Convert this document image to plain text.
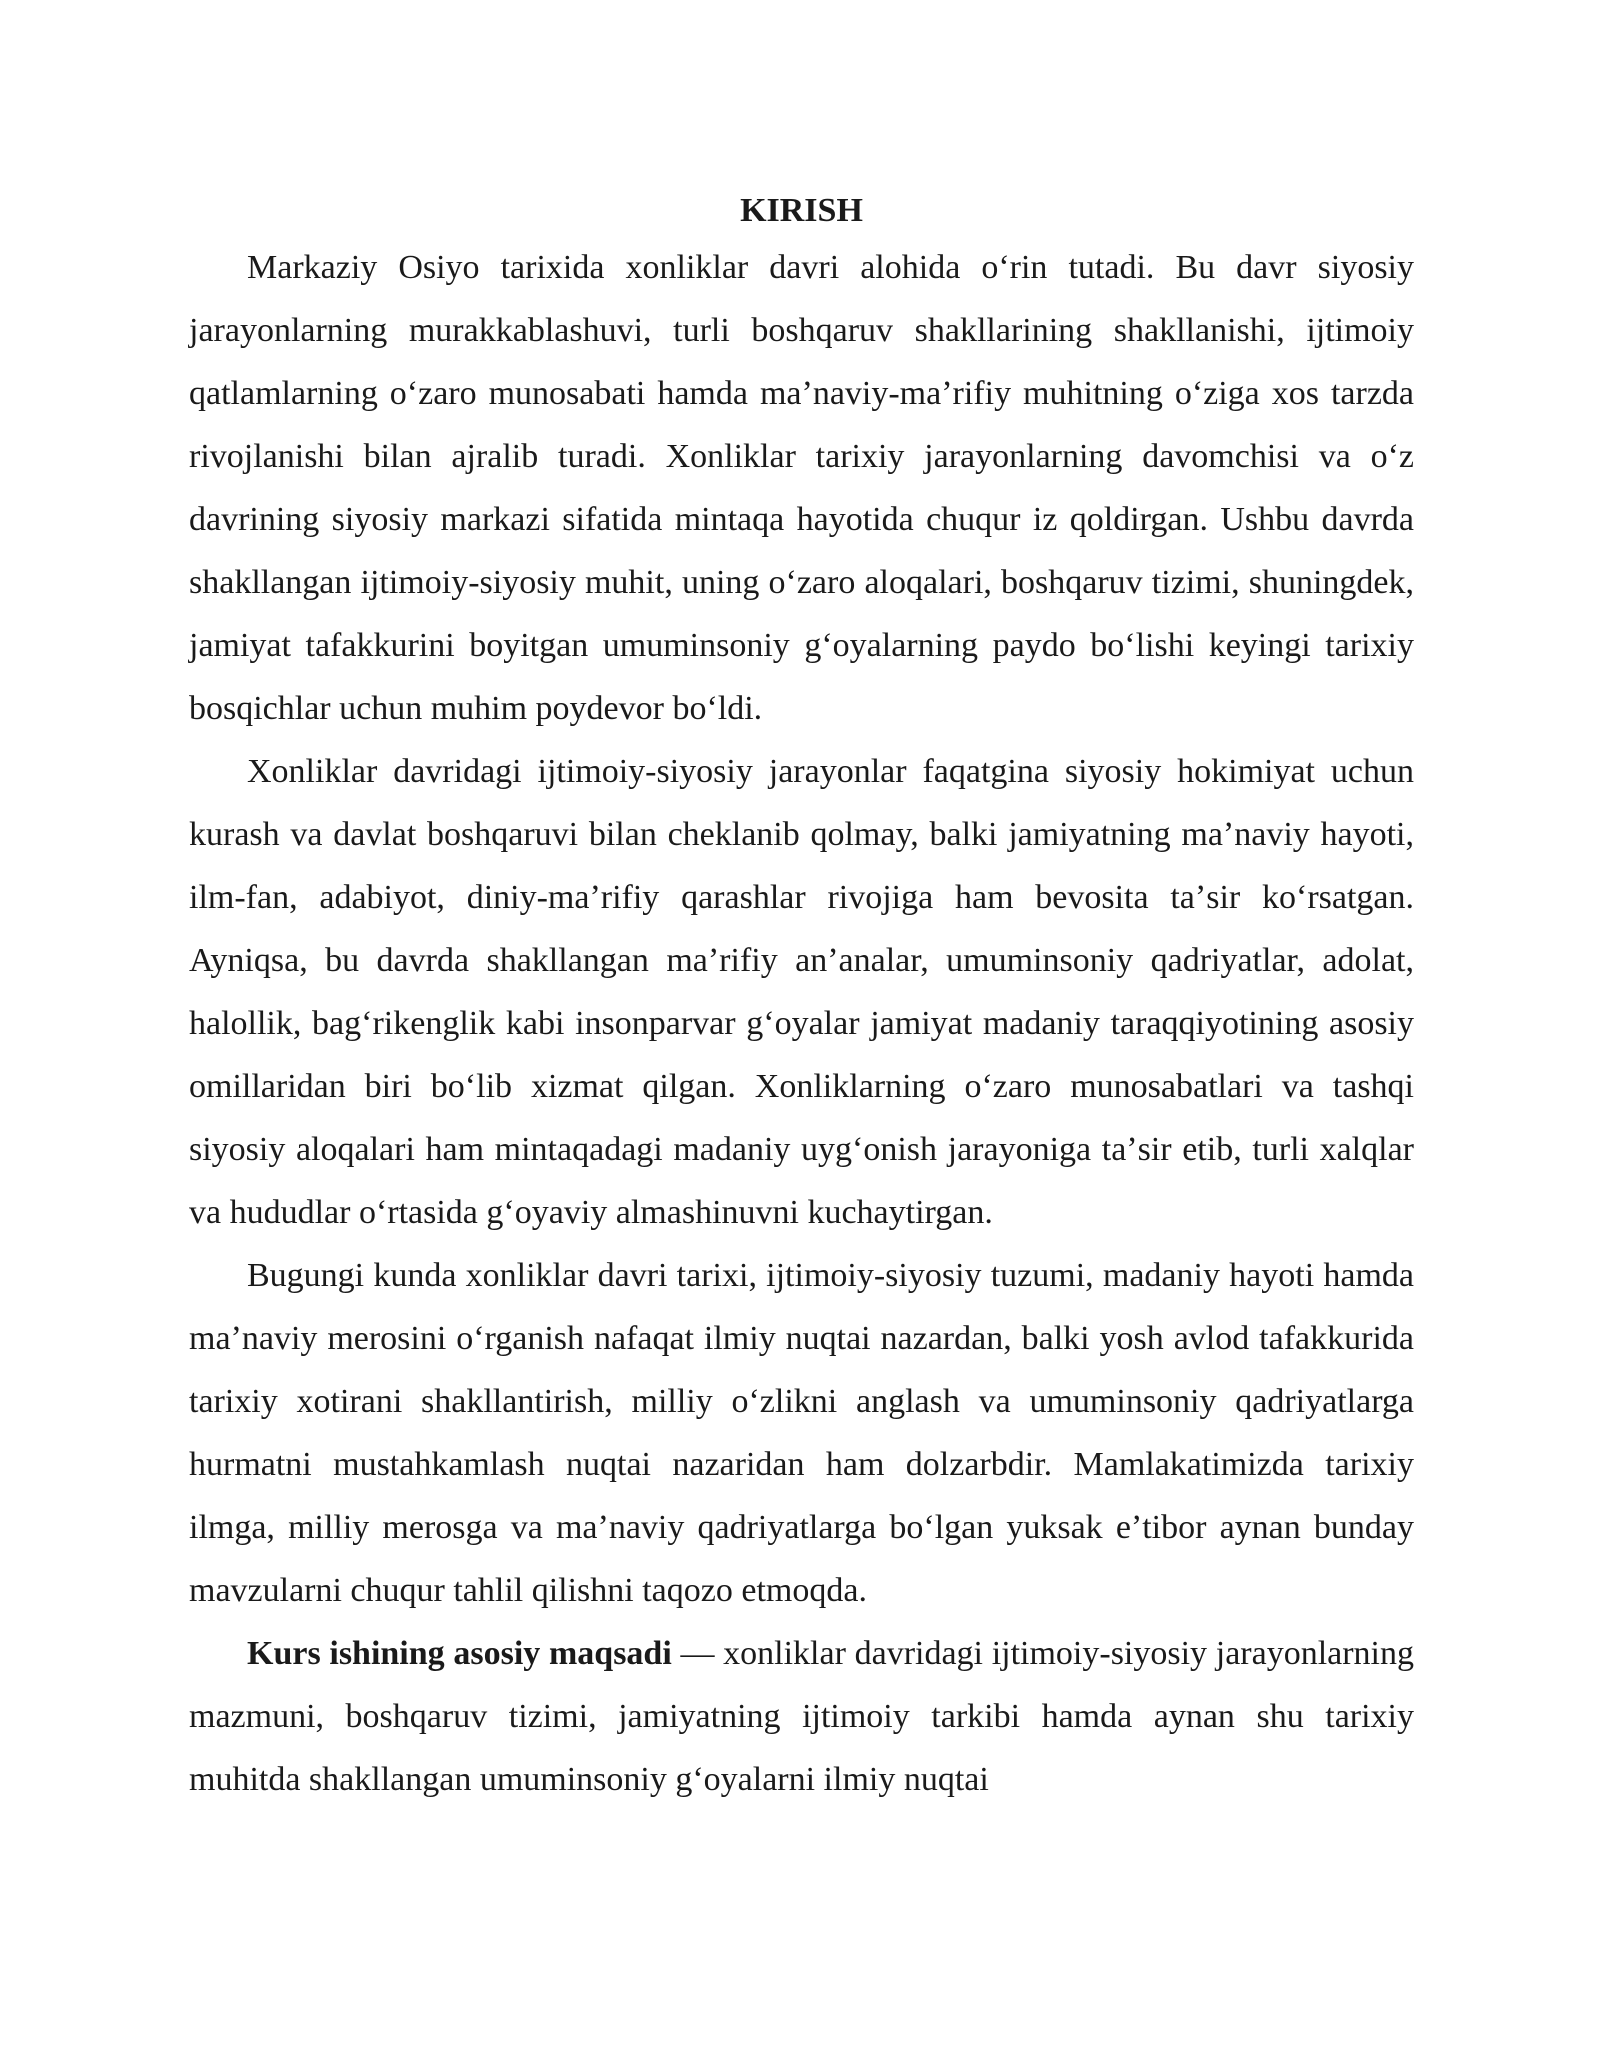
KIRISH

Markaziy Osiyo tarixida xonliklar davri alohida oʻrin tutadi. Bu davr siyosiy jarayonlarning murakkablashuvi, turli boshqaruv shakllarining shakllanishi, ijtimoiy qatlamlarning oʻzaro munosabati hamda maʼnaviy-maʼrifiy muhitning oʻziga xos tarzda rivojlanishi bilan ajralib turadi. Xonliklar tarixiy jarayonlarning davomchisi va oʻz davrining siyosiy markazi sifatida mintaqa hayotida chuqur iz qoldirgan. Ushbu davrda shakllangan ijtimoiy-siyosiy muhit, uning oʻzaro aloqalari, boshqaruv tizimi, shuningdek, jamiyat tafakkurini boyitgan umuminsoniy gʻoyalarning paydo boʻlishi keyingi tarixiy bosqichlar uchun muhim poydevor boʻldi.

Xonliklar davridagi ijtimoiy-siyosiy jarayonlar faqatgina siyosiy hokimiyat uchun kurash va davlat boshqaruvi bilan cheklanib qolmay, balki jamiyatning maʼnaviy hayoti, ilm-fan, adabiyot, diniy-maʼrifiy qarashlar rivojiga ham bevosita taʼsir koʻrsatgan. Ayniqsa, bu davrda shakllangan maʼrifiy anʼanalar, umuminsoniy qadriyatlar, adolat, halollik, bagʻrikenglik kabi insonparvar gʻoyalar jamiyat madaniy taraqqiyotining asosiy omillaridan biri boʻlib xizmat qilgan. Xonliklarning oʻzaro munosabatlari va tashqi siyosiy aloqalari ham mintaqadagi madaniy uygʻonish jarayoniga taʼsir etib, turli xalqlar va hududlar oʻrtasida gʻoyaviy almashinuvni kuchaytirgan.

Bugungi kunda xonliklar davri tarixi, ijtimoiy-siyosiy tuzumi, madaniy hayoti hamda maʼnaviy merosini oʻrganish nafaqat ilmiy nuqtai nazardan, balki yosh avlod tafakkurida tarixiy xotirani shakllantirish, milliy oʻzlikni anglash va umuminsoniy qadriyatlarga hurmatni mustahkamlash nuqtai nazaridan ham dolzarbdir. Mamlakatimizda tarixiy ilmga, milliy merosga va maʼnaviy qadriyatlarga boʻlgan yuksak eʼtibor aynan bunday mavzularni chuqur tahlil qilishni taqozo etmoqda.

Kurs ishining asosiy maqsadi — xonliklar davridagi ijtimoiy-siyosiy jarayonlarning mazmuni, boshqaruv tizimi, jamiyatning ijtimoiy tarkibi hamda aynan shu tarixiy muhitda shakllangan umuminsoniy gʻoyalarni ilmiy nuqtai
